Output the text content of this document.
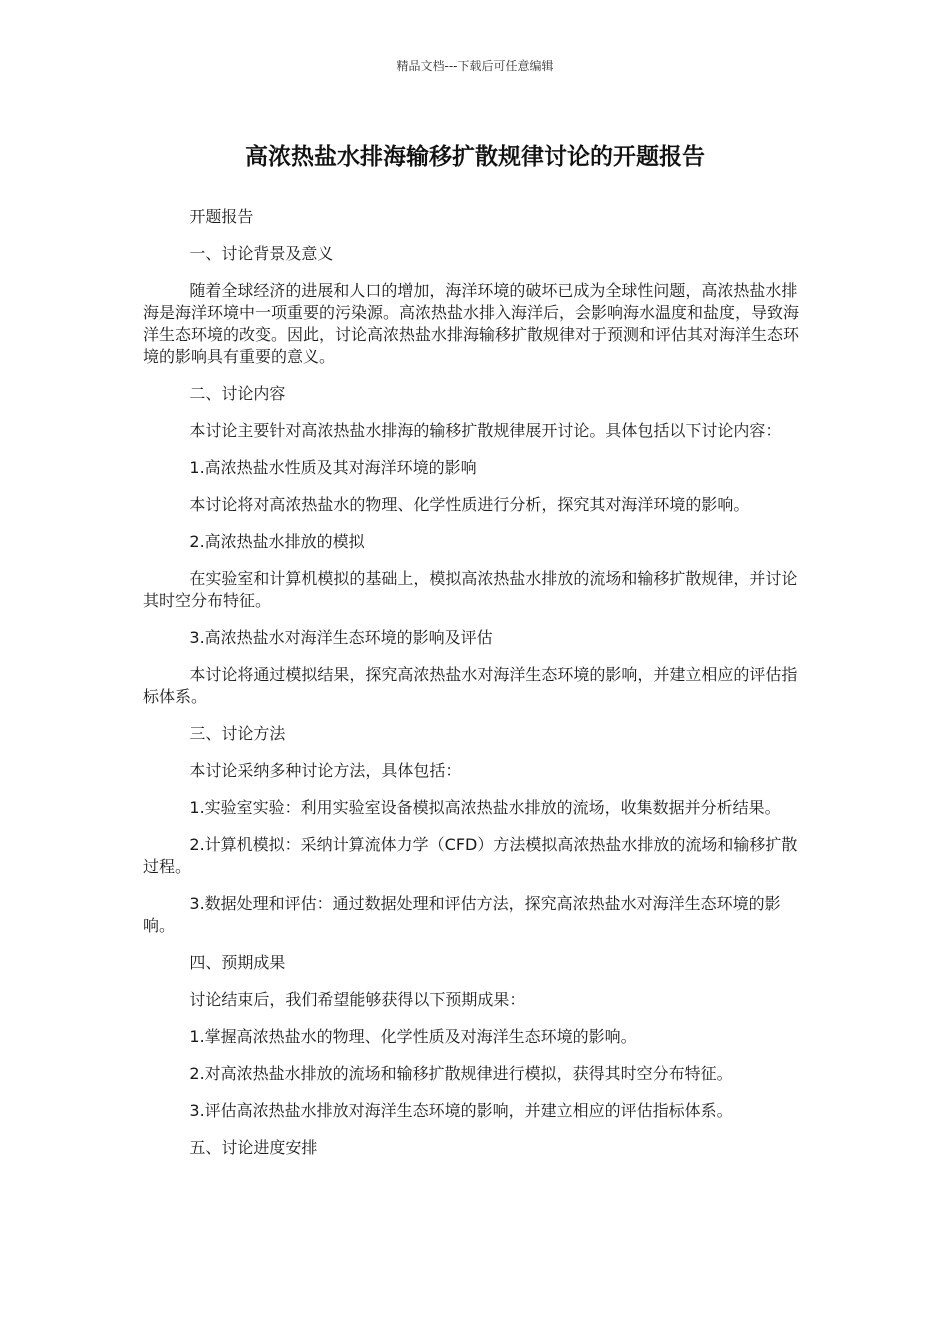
精品文档---下载后可任意编辑
高浓热盐水排海输移扩散规律讨论的开题报告

开题报告

一、讨论背景及意义

随着全球经济的进展和人口的增加，海洋环境的破坏已成为全球性问题，高浓热盐水排海是海洋环境中一项重要的污染源。高浓热盐水排入海洋后，会影响海水温度和盐度，导致海洋生态环境的改变。因此，讨论高浓热盐水排海输移扩散规律对于预测和评估其对海洋生态环境的影响具有重要的意义。

二、讨论内容

本讨论主要针对高浓热盐水排海的输移扩散规律展开讨论。具体包括以下讨论内容：

1.高浓热盐水性质及其对海洋环境的影响

本讨论将对高浓热盐水的物理、化学性质进行分析，探究其对海洋环境的影响。

2.高浓热盐水排放的模拟

在实验室和计算机模拟的基础上，模拟高浓热盐水排放的流场和输移扩散规律，并讨论其时空分布特征。

3.高浓热盐水对海洋生态环境的影响及评估

本讨论将通过模拟结果，探究高浓热盐水对海洋生态环境的影响，并建立相应的评估指标体系。

三、讨论方法

本讨论采纳多种讨论方法，具体包括：

1.实验室实验：利用实验室设备模拟高浓热盐水排放的流场，收集数据并分析结果。

2.计算机模拟：采纳计算流体力学（CFD）方法模拟高浓热盐水排放的流场和输移扩散过程。

3.数据处理和评估：通过数据处理和评估方法，探究高浓热盐水对海洋生态环境的影响。

四、预期成果

讨论结束后，我们希望能够获得以下预期成果：

1.掌握高浓热盐水的物理、化学性质及对海洋生态环境的影响。

2.对高浓热盐水排放的流场和输移扩散规律进行模拟，获得其时空分布特征。

3.评估高浓热盐水排放对海洋生态环境的影响，并建立相应的评估指标体系。

五、讨论进度安排
